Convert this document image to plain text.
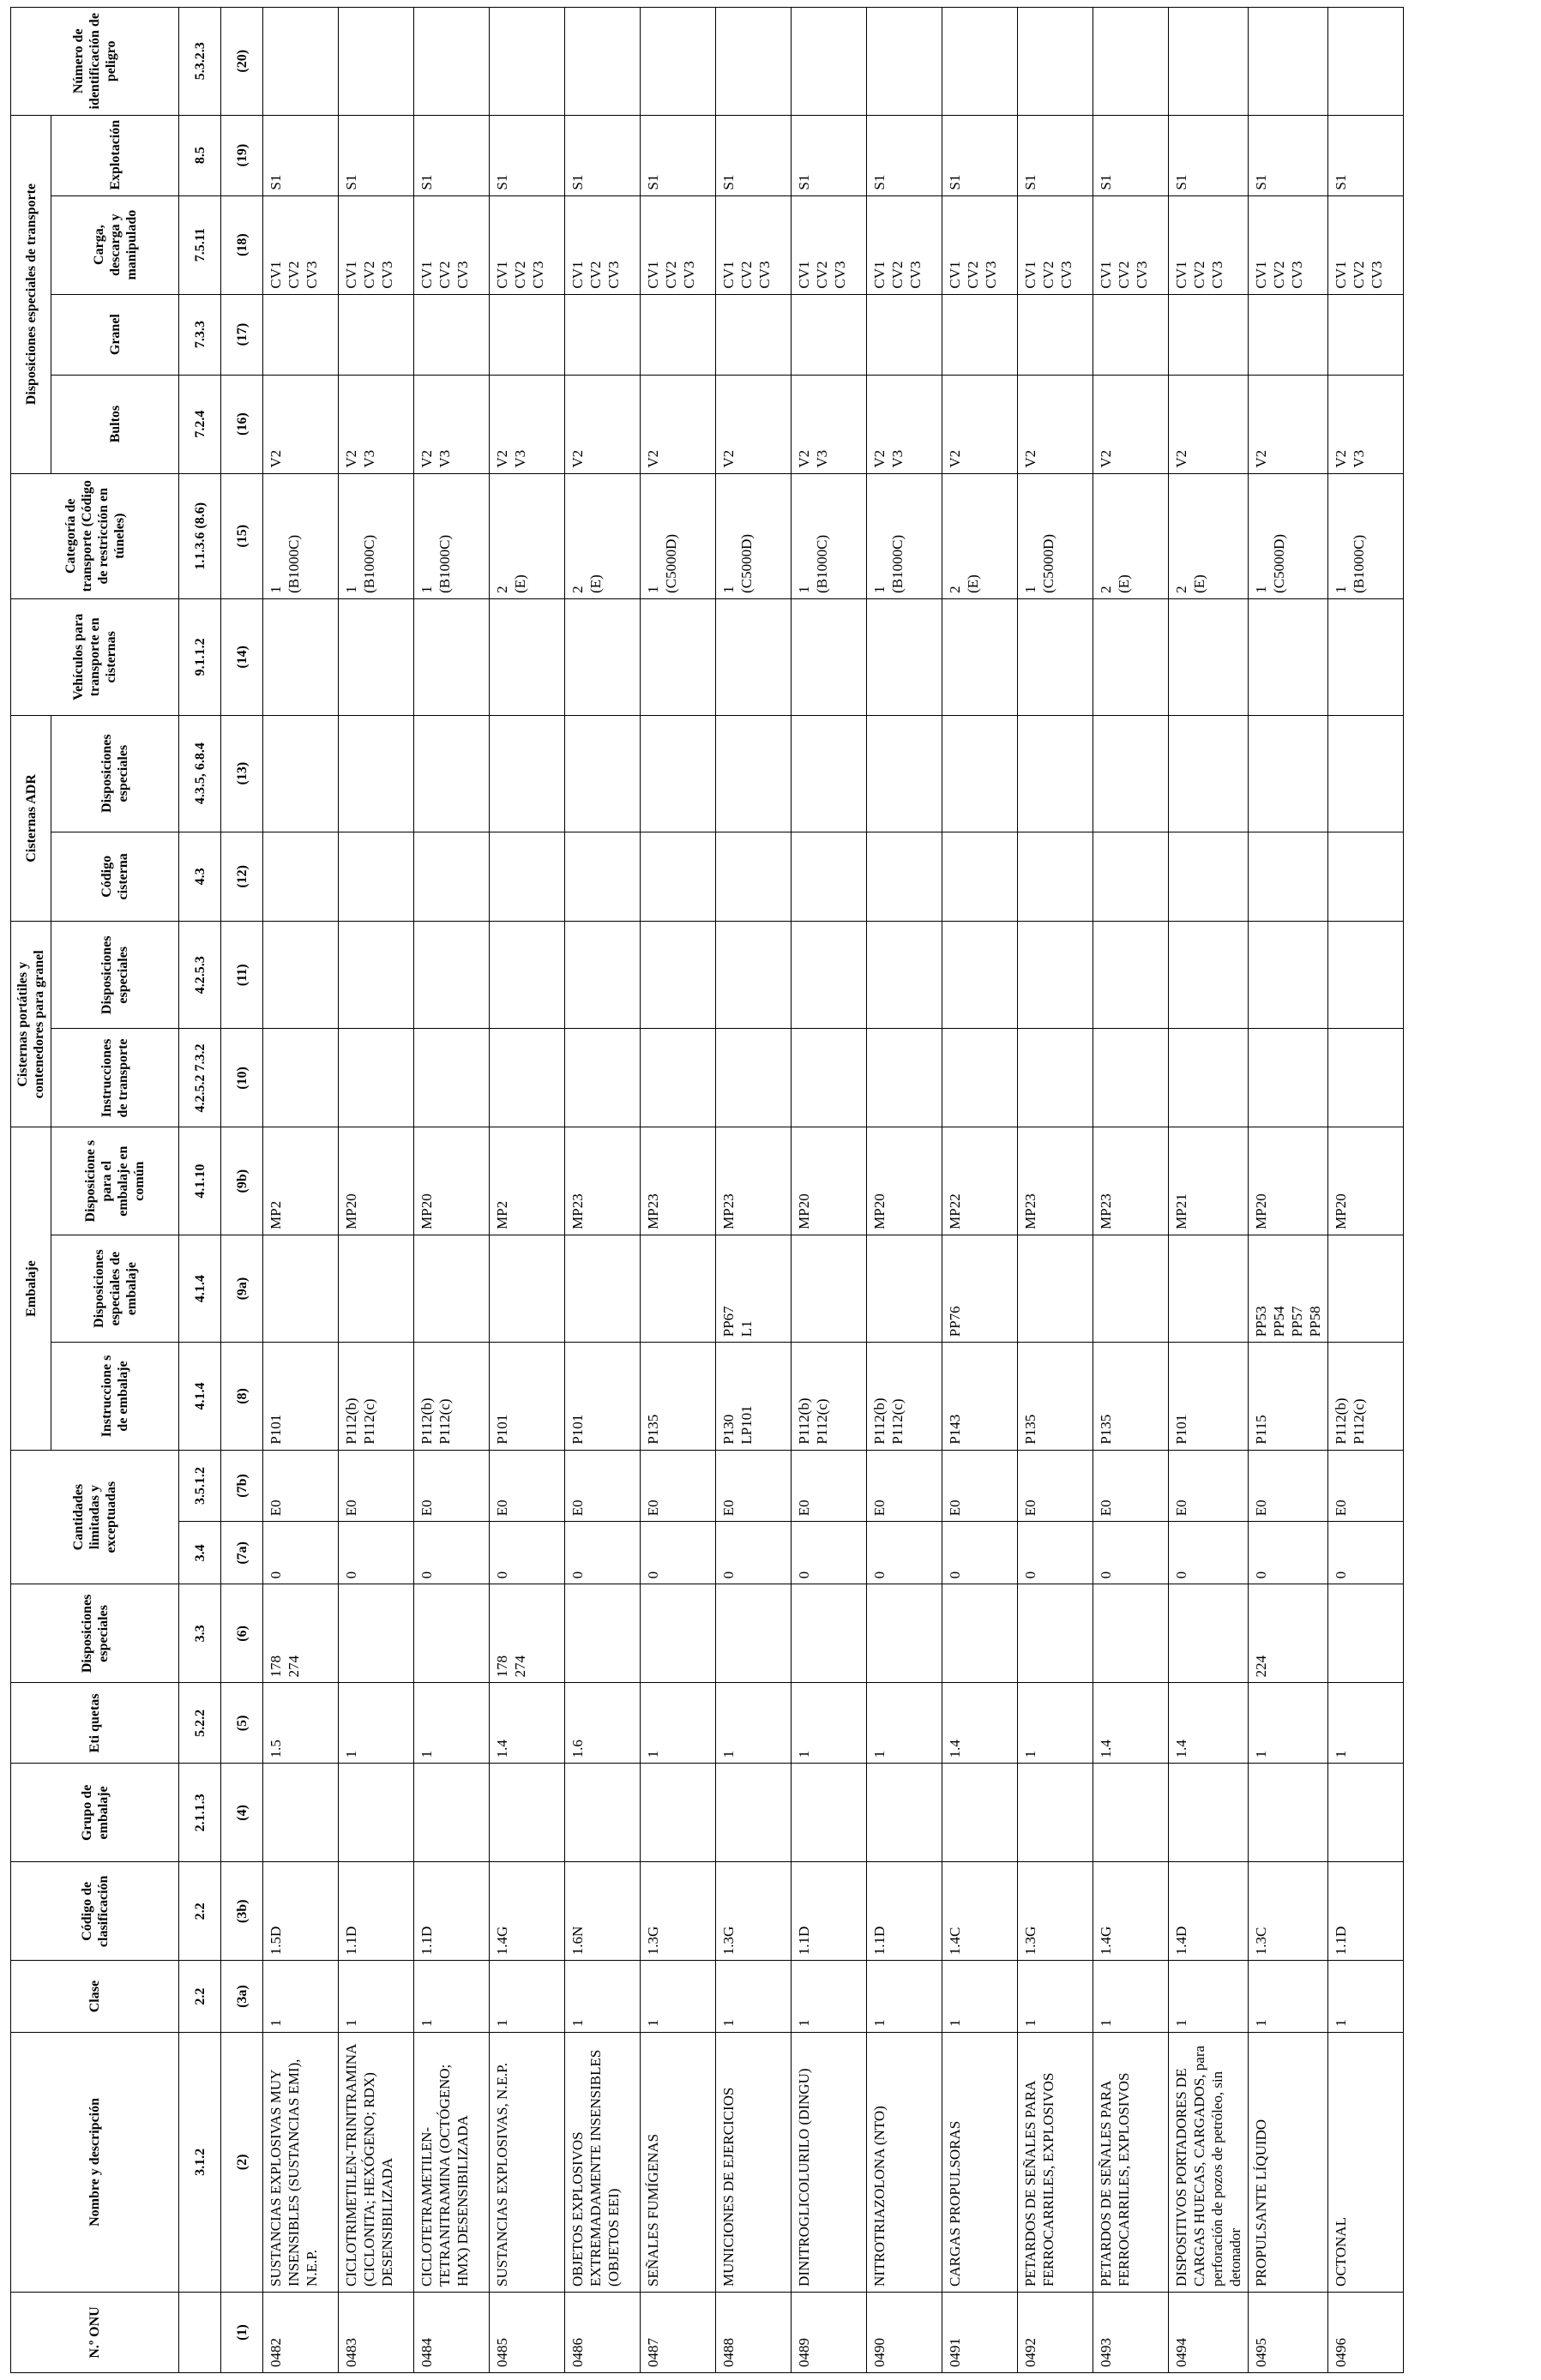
N.º ONU	Nombre y descripción	Clase	Código de clasificación	Grupo de embalaje	Eti quetas	Disposiciones especiales	Cantidades limitadas y exceptuadas		Embalaje			Cisternas portátiles y contenedores para granel		Cisternas ADR		Vehículos para transporte en cisternas	Categoría de transporte (Código de restricción en túneles)	Disposiciones especiales de transporte				Número de identificación de peligro
									Instruccione s de embalaje	Disposiciones especiales de embalaje	Disposicione s para el embalaje en común	Instrucciones de transporte	Disposiciones especiales	Código cisterna	Disposiciones especiales			Bultos	Granel	Carga, descarga y manipulado	Explotación	
	3.1.2	2.2	2.2	2.1.1.3	5.2.2	3.3	3.4	3.5.1.2	4.1.4	4.1.4	4.1.10	4.2.5.2 7.3.2	4.2.5.3	4.3	4.3.5, 6.8.4	9.1.1.2	1.1.3.6 (8.6)	7.2.4	7.3.3	7.5.11	8.5	5.3.2.3
(1)	(2)	(3a)	(3b)	(4)	(5)	(6)	(7a)	(7b)	(8)	(9a)	(9b)	(10)	(11)	(12)	(13)	(14)	(15)	(16)	(17)	(18)	(19)	(20)
0482	SUSTANCIAS EXPLOSIVAS MUY INSENSIBLES (SUSTANCIAS EMI), N.E.P.	1	1.5D		1.5	178 274	0	E0	P101		MP2						1 (B1000C)	V2		CV1 CV2 CV3	S1	
0483	CICLOTRIMETILEN-TRINITRAMINA (CICLONITA; HEXÓGENO; RDX) DESENSIBILIZADA	1	1.1D		1		0	E0	P112(b) P112(c)		MP20						1 (B1000C)	V2 V3		CV1 CV2 CV3	S1	
0484	CICLOTETRAMETILEN-TETRANITRAMINA (OCTÓGENO; HMX) DESENSIBILIZADA	1	1.1D		1		0	E0	P112(b) P112(c)		MP20						1 (B1000C)	V2 V3		CV1 CV2 CV3	S1	
0485	SUSTANCIAS EXPLOSIVAS, N.E.P.	1	1.4G		1.4	178 274	0	E0	P101		MP2						2 (E)	V2 V3		CV1 CV2 CV3	S1	
0486	OBJETOS EXPLOSIVOS EXTREMADAMENTE INSENSIBLES (OBJETOS EEI)	1	1.6N		1.6		0	E0	P101		MP23						2 (E)	V2		CV1 CV2 CV3	S1	
0487	SEÑALES FUMÍGENAS	1	1.3G		1		0	E0	P135		MP23						1 (C5000D)	V2		CV1 CV2 CV3	S1	
0488	MUNICIONES DE EJERCICIOS	1	1.3G		1		0	E0	P130 LP101	PP67 L1	MP23						1 (C5000D)	V2		CV1 CV2 CV3	S1	
0489	DINITROGLICOLURILO (DINGU)	1	1.1D		1		0	E0	P112(b) P112(c)		MP20						1 (B1000C)	V2 V3		CV1 CV2 CV3	S1	
0490	NITROTRIAZOLONA (NTO)	1	1.1D		1		0	E0	P112(b) P112(c)		MP20						1 (B1000C)	V2 V3		CV1 CV2 CV3	S1	
0491	CARGAS PROPULSORAS	1	1.4C		1.4		0	E0	P143	PP76	MP22						2 (E)	V2		CV1 CV2 CV3	S1	
0492	PETARDOS DE SEÑALES PARA FERROCARRILES, EXPLOSIVOS	1	1.3G		1		0	E0	P135		MP23						1 (C5000D)	V2		CV1 CV2 CV3	S1	
0493	PETARDOS DE SEÑALES PARA FERROCARRILES, EXPLOSIVOS	1	1.4G		1.4		0	E0	P135		MP23						2 (E)	V2		CV1 CV2 CV3	S1	
0494	DISPOSITIVOS PORTADORES DE CARGAS HUECAS, CARGADOS, para perforación de pozos de petróleo, sin detonador	1	1.4D		1.4		0	E0	P101		MP21						2 (E)	V2		CV1 CV2 CV3	S1	
0495	PROPULSANTE LÍQUIDO	1	1.3C		1	224	0	E0	P115	PP53 PP54 PP57 PP58	MP20						1 (C5000D)	V2		CV1 CV2 CV3	S1	
0496	OCTONAL	1	1.1D		1		0	E0	P112(b) P112(c)		MP20						1 (B1000C)	V2 V3		CV1 CV2 CV3	S1	
